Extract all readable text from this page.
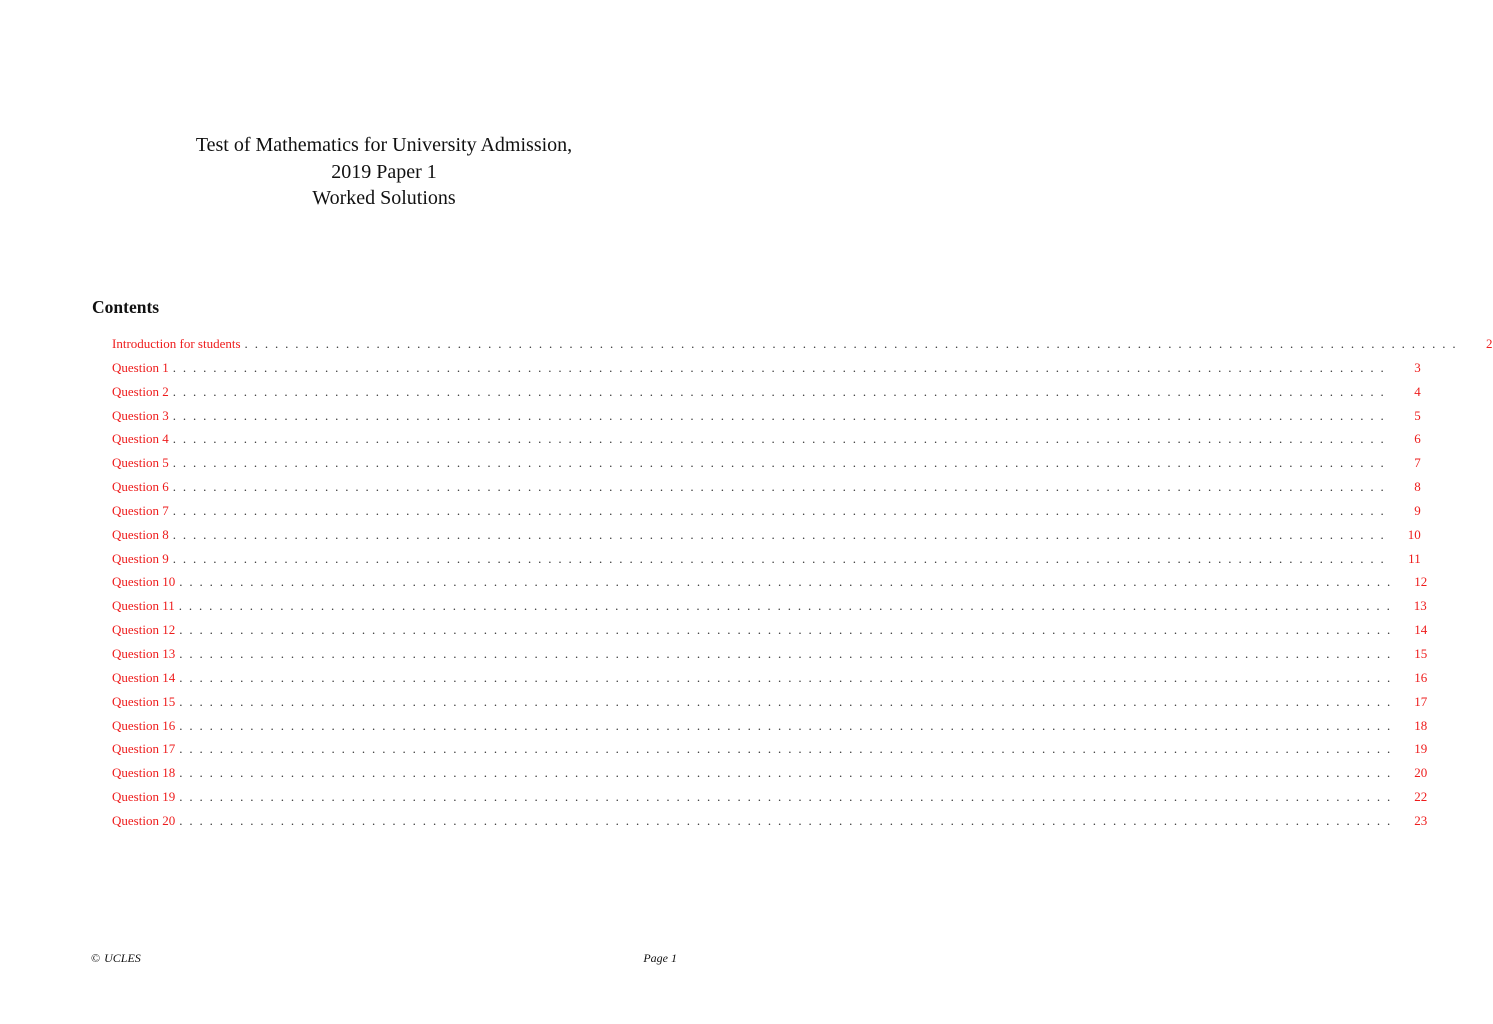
Test of Mathematics for University Admission,
2019 Paper 1
Worked Solutions
Contents
Introduction for students ........................................................................................................................	2
Question 1 ........................................................................................................................	3
Question 2 ........................................................................................................................	4
Question 3 ........................................................................................................................	5
Question 4 ........................................................................................................................	6
Question 5 ........................................................................................................................	7
Question 6 ........................................................................................................................	8
Question 7 ........................................................................................................................	9
Question 8 ........................................................................................................................ 10
Question 9 ........................................................................................................................ 11
Question 10 ........................................................................................................................ 12
Question 11 ........................................................................................................................ 13
Question 12 ........................................................................................................................ 14
Question 13 ........................................................................................................................ 15
Question 14 ........................................................................................................................ 16
Question 15 ........................................................................................................................ 17
Question 16 ........................................................................................................................ 18
Question 17 ........................................................................................................................ 19
Question 18 ........................................................................................................................ 20
Question 19 ........................................................................................................................ 22
Question 20 ........................................................................................................................ 23
© UCLES	Page 1
